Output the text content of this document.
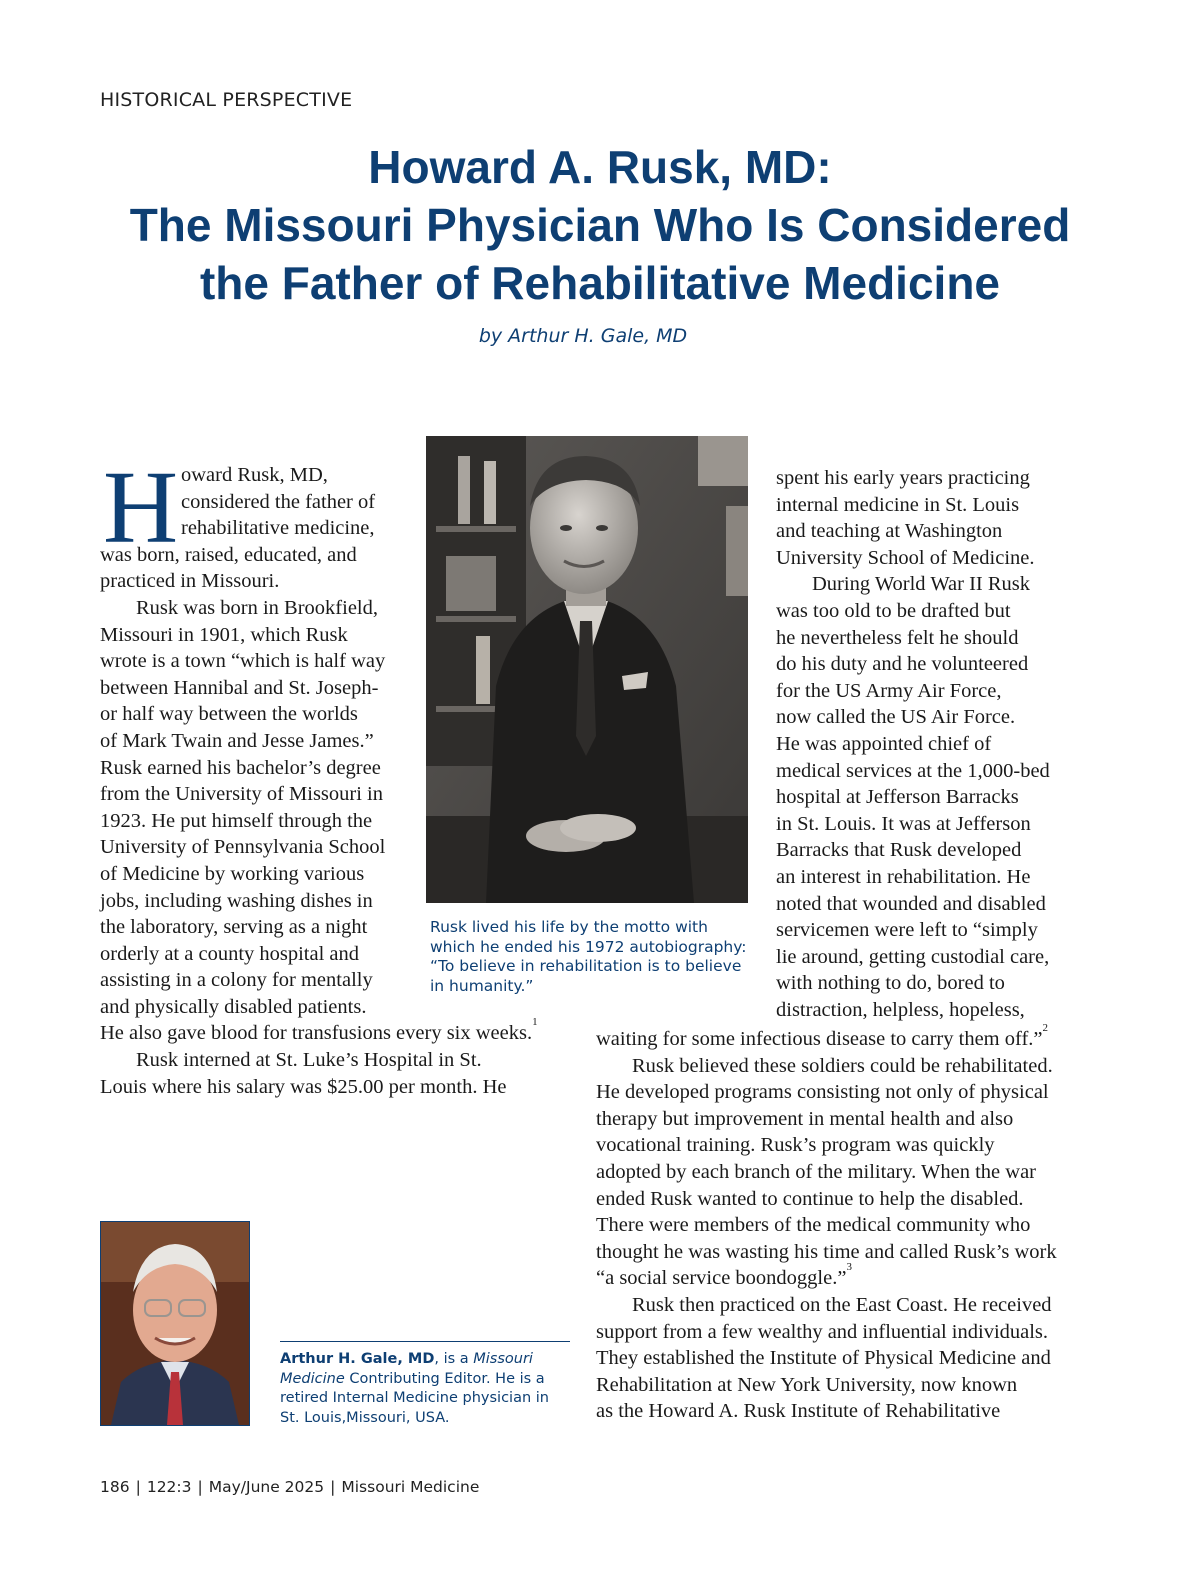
HISTORICAL PERSPECTIVE
Howard A. Rusk, MD:
The Missouri Physician Who Is Considered
the Father of Rehabilitative Medicine
by Arthur H. Gale, MD
H oward Rusk, MD,
considered the father of
rehabilitative medicine,
was born, raised, educated, and
practiced in Missouri.
Rusk was born in Brookfield,
Missouri in 1901, which Rusk
wrote is a town “which is half way
between Hannibal and St. Joseph-
or half way between the worlds
of Mark Twain and Jesse James.”
Rusk earned his bachelor’s degree
from the University of Missouri in
1923. He put himself through the
University of Pennsylvania School
of Medicine by working various
jobs, including washing dishes in
the laboratory, serving as a night
orderly at a county hospital and
assisting in a colony for mentally
and physically disabled patients.
He also gave blood for transfusions every six weeks.$^1$
Rusk interned at St. Luke’s Hospital in St.
Louis where his salary was $25.00 per month. He
Rusk lived his life by the motto with which he ended his 1972 autobiography: “To believe in rehabilitation is to believe in humanity.”
spent his early years practicing
internal medicine in St. Louis
and teaching at Washington
University School of Medicine.
During World War II Rusk
was too old to be drafted but
he nevertheless felt he should
do his duty and he volunteered
for the US Army Air Force,
now called the US Air Force.
He was appointed chief of
medical services at the 1,000-bed
hospital at Jefferson Barracks
in St. Louis. It was at Jefferson
Barracks that Rusk developed
an interest in rehabilitation. He
noted that wounded and disabled
servicemen were left to “simply
lie around, getting custodial care,
with nothing to do, bored to
distraction, helpless, hopeless,
waiting for some infectious disease to carry them off.”$^2$
Rusk believed these soldiers could be rehabilitated.
He developed programs consisting not only of physical
therapy but improvement in mental health and also
vocational training. Rusk’s program was quickly
adopted by each branch of the military. When the war
ended Rusk wanted to continue to help the disabled.
There were members of the medical community who
thought he was wasting his time and called Rusk’s work
“a social service boondoggle.”$^3$
Rusk then practiced on the East Coast. He received
support from a few wealthy and influential individuals.
They established the Institute of Physical Medicine and
Rehabilitation at New York University, now known
as the Howard A. Rusk Institute of Rehabilitative
Arthur H. Gale, MD, is a Missouri Medicine Contributing Editor. He is a retired Internal Medicine physician in St. Louis,Missouri, USA.
186 | 122:3 | May/June 2025 | Missouri Medicine
